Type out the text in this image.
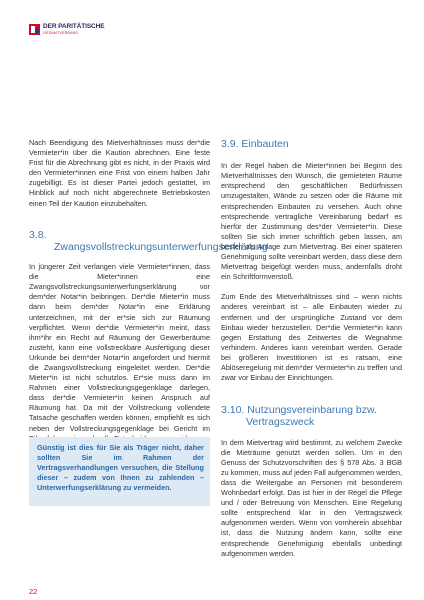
DER PARITÄTISCHE
GESAMTVERBAND

Nach Beendigung des Mietverhältnisses muss der*die Vermieter*in über die Kaution abrechnen. Eine feste Frist für die Abrechnung gibt es nicht, in der Praxis wird den Vermieter*innen eine Frist von einem halben Jahr zugebilligt. Es ist dieser Partei jedoch gestattet, im Hinblick auf noch nicht abgerechnete Betriebskosten einen Teil der Kaution einzubehalten.

3.8. Zwangsvollstreckungsunterwerfungserklärung

In jüngerer Zeit verlangen viele Vermieter*innen, dass die Mieter*innen eine Zwangsvollstreckungsunterwerfungserklärung vor dem*der Notar*in beibringen. Der*die Mieter*in muss dann beim dem*der Notar*in eine Erklärung unterzeichnen, mit der er*sie sich zur Räumung verpflichtet. Wenn der*die Vermieter*in meint, dass ihm*ihr ein Recht auf Räumung der Gewerberäume zusteht, kann eine vollstreckbare Ausfertigung dieser Urkunde bei dem*der Notar*in angefordert und hiermit die Zwangsvollstreckung eingeleitet werden. Der*die Mieter*in ist nicht schutzlos. Er*sie muss dann im Rahmen einer Vollstreckungsgegenklage darlegen, dass der*die Vermieter*in keinen Anspruch auf Räumung hat. Da mit der Vollstreckung vollendete Tatsache geschaffen werden können, empfiehlt es sich neben der Vollstreckungsgegenklage bei Gericht im

Günstig ist dies für Sie als Träger nicht, daher sollten Sie im Rahmen der Vertragsverhandlungen versuchen, die Stellung dieser – zudem von Ihnen zu zahlenden – Unterwerfungserklärung zu vermeiden.

3.9. Einbauten

In der Regel haben die Mieter*innen bei Beginn des Mietverhältnisses den Wunsch, die gemieteten Räume entsprechend den geschäftlichen Bedürfnissen umzugestalten, Wände zu setzen oder die Räume mit entsprechenden Einbauten zu versehen. Auch ohne entsprechende vertragliche Vereinbarung bedarf es hierfür der Zustimmung des*der Vermieter*in. Diese sollten Sie sich immer schriftlich geben lassen, am besten als Anlage zum Mietvertrag. Bei einer späteren Genehmigung sollte vereinbart werden, dass diese dem Mietvertrag beigefügt werden muss, andernfalls droht ein Schriftformverstoß.

Zum Ende des Mietverhältnisses sind – wenn nichts anderes vereinbart ist – alle Einbauten wieder zu entfernen und der ursprüngliche Zustand vor dem Einbau wieder herzustellen. Der*die Vermieter*in kann gegen Erstattung des Zeitwertes die Wegnahme verhindern. Anderes kann vereinbart werden. Gerade bei größeren Investitionen ist es ratsam, eine Ablöseregelung mit dem*der Vermieter*in zu treffen und zwar vor Einbau der Einrichtungen.

3.10. Nutzungsvereinbarung bzw. Vertragszweck

In dem Mietvertrag wird bestimmt, zu welchem Zwecke die Mieträume genutzt werden sollen. Um in den Genuss der Schutzvorschriften des § 578 Abs. 3 BGB zu kommen, muss auf jeden Fall aufgenommen werden, dass die Weitergabe an Personen mit besonderem Wohnbedarf erfolgt. Das ist hier in der Regel die Pflege und / oder Betreuung von Menschen. Eine Regelung sollte entsprechend klar in den Vertragszweck aufgenommen werden. Wenn von vornherein absehbar ist, dass die Nutzung ändern kann, sollte eine entsprechende Genehmigung ebenfalls unbedingt aufgenommen werden.

22
